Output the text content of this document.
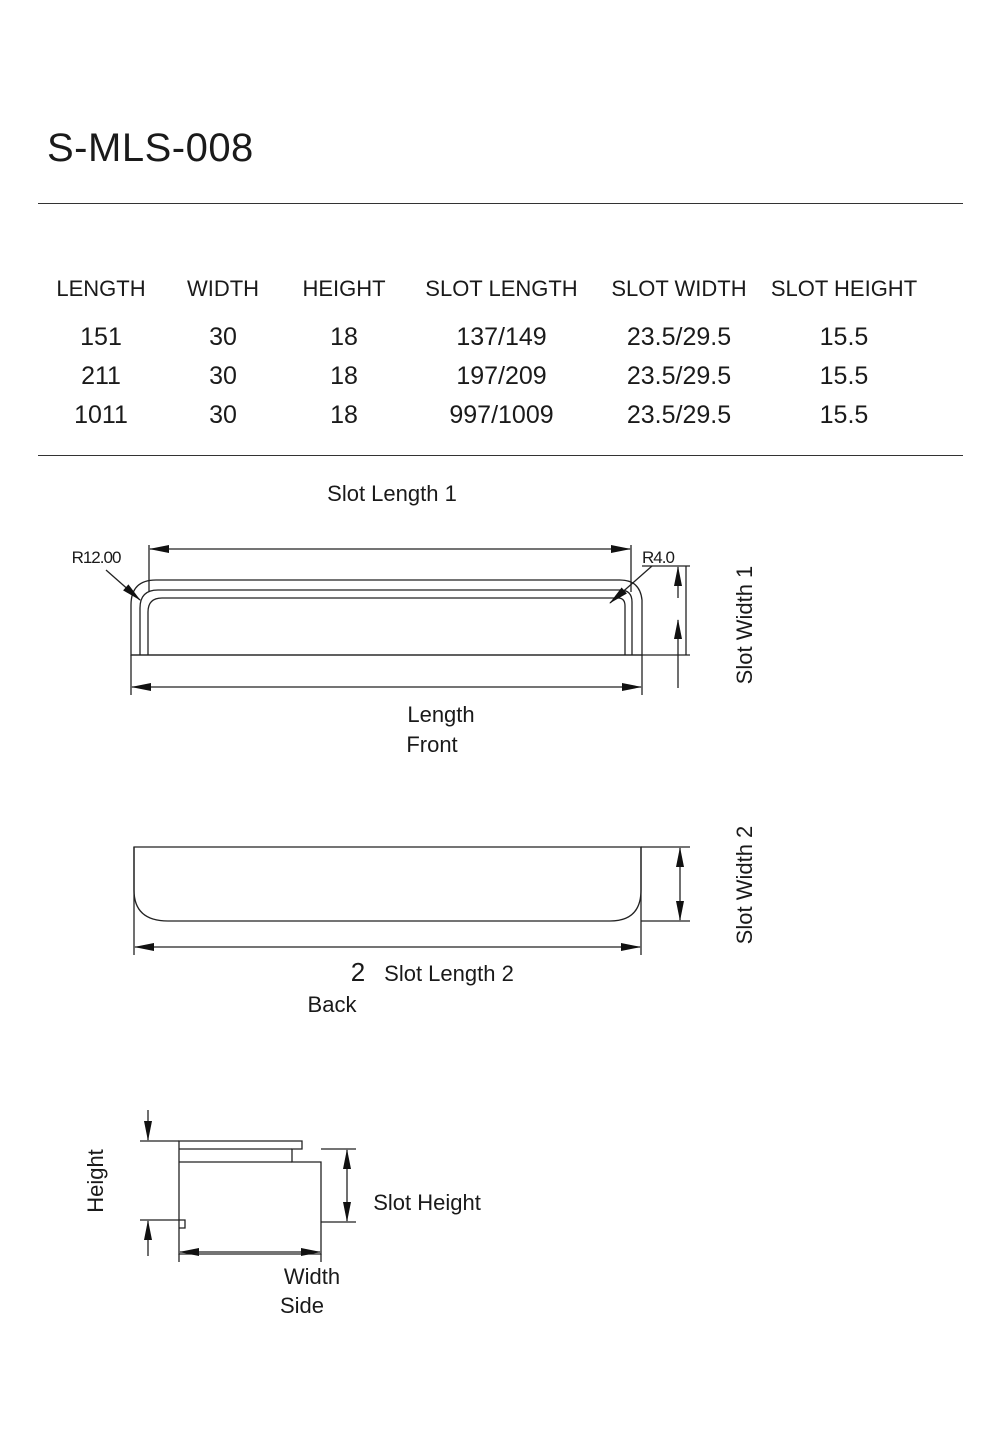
S-MLS-008
LENGTH	WIDTH	HEIGHT	SLOT LENGTH	SLOT WIDTH	SLOT HEIGHT

151	30	18	137/149	23.5/29.5	15.5
211	30	18	197/209	23.5/29.5	15.5
1011	30	18	997/1009	23.5/29.5	15.5
Slot Length 1
R12.00	R4.0
Slot Width 1
Length
Front
Slot Width 2
2 Slot Length 2
Back
Height	Slot Height
Width
Side
